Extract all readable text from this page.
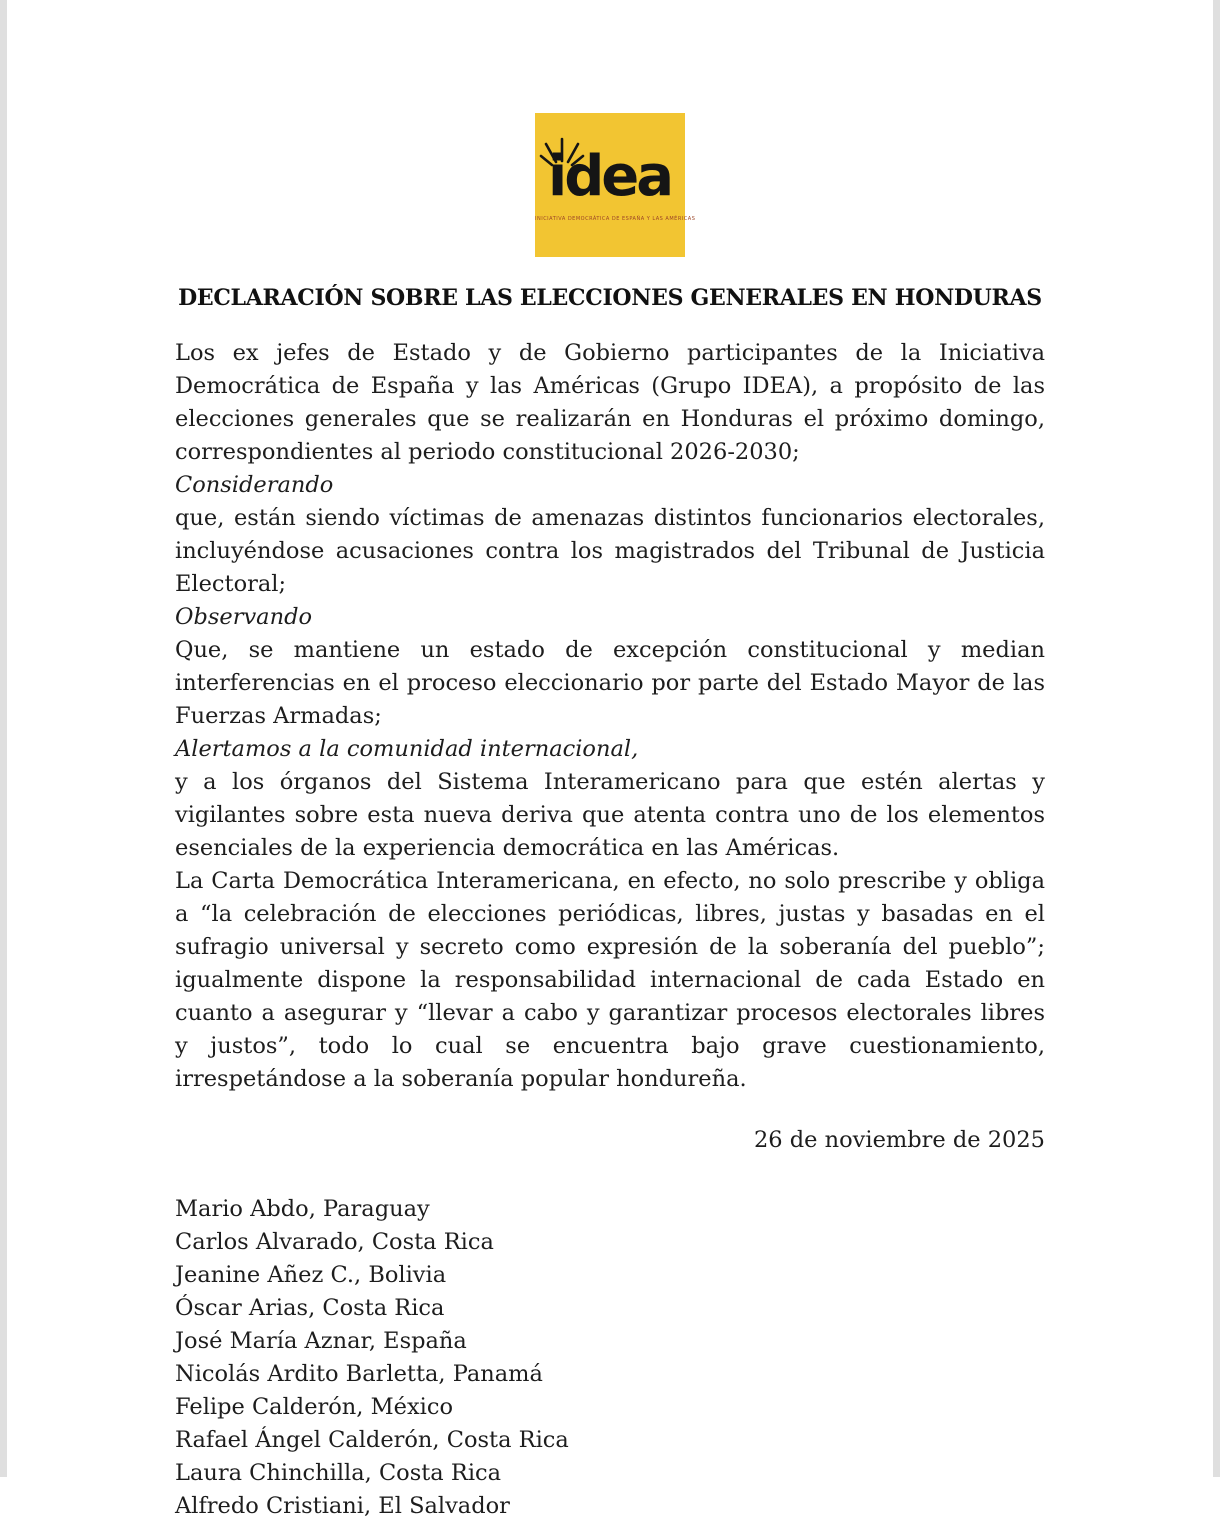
idea
INICIATIVA DEMOCRÁTICA DE ESPAÑA Y LAS AMÉRICAS
DECLARACIÓN SOBRE LAS ELECCIONES GENERALES EN HONDURAS
Los ex jefes de Estado y de Gobierno participantes de la Iniciativa Democrática de España y las Américas (Grupo IDEA), a propósito de las elecciones generales que se realizarán en Honduras el próximo domingo, correspondientes al periodo constitucional 2026-2030;
Considerando
que, están siendo víctimas de amenazas distintos funcionarios electorales, incluyéndose acusaciones contra los magistrados del Tribunal de Justicia Electoral;
Observando
Que, se mantiene un estado de excepción constitucional y median interferencias en el proceso eleccionario por parte del Estado Mayor de las Fuerzas Armadas;
Alertamos a la comunidad internacional,
y a los órganos del Sistema Interamericano para que estén alertas y vigilantes sobre esta nueva deriva que atenta contra uno de los elementos esenciales de la experiencia democrática en las Américas.
La Carta Democrática Interamericana, en efecto, no solo prescribe y obliga a “la celebración de elecciones periódicas, libres, justas y basadas en el sufragio universal y secreto como expresión de la soberanía del pueblo”; igualmente dispone la responsabilidad internacional de cada Estado en cuanto a asegurar y “llevar a cabo y garantizar procesos electorales libres y justos”, todo lo cual se encuentra bajo grave cuestionamiento, irrespetándose a la soberanía popular hondureña.
26 de noviembre de 2025
Mario Abdo, Paraguay
Carlos Alvarado, Costa Rica
Jeanine Añez C., Bolivia
Óscar Arias, Costa Rica
José María Aznar, España
Nicolás Ardito Barletta, Panamá
Felipe Calderón, México
Rafael Ángel Calderón, Costa Rica
Laura Chinchilla, Costa Rica
Alfredo Cristiani, El Salvador
